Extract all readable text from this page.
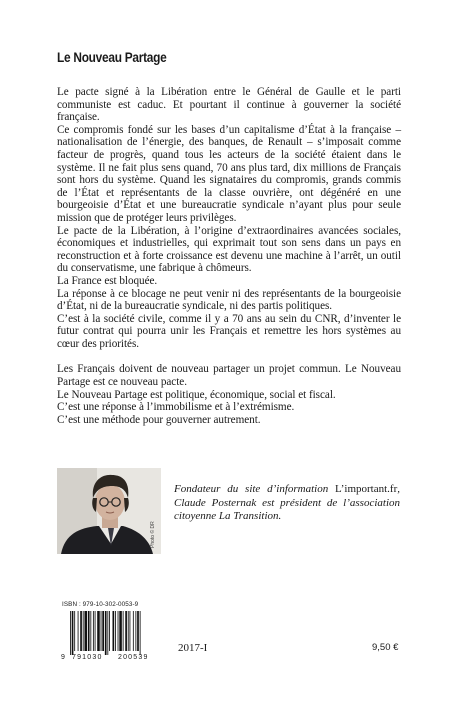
Le Nouveau Partage

Le pacte signé à la Libération entre le Général de Gaulle et le parti communiste est caduc. Et pourtant il continue à gouverner la société française.

Ce compromis fondé sur les bases d’un capitalisme d’État à la française – nationalisation de l’énergie, des banques, de Renault – s’imposait comme facteur de progrès, quand tous les acteurs de la société étaient dans le système. Il ne fait plus sens quand, 70 ans plus tard, dix millions de Français sont hors du système. Quand les signataires du compromis, grands commis de l’État et représentants de la classe ouvrière, ont dégénéré en une bourgeoisie d’État et une bureaucratie syndicale n’ayant plus pour seule mission que de protéger leurs privilèges.

Le pacte de la Libération, à l’origine d’extraordinaires avancées sociales, économiques et industrielles, qui exprimait tout son sens dans un pays en reconstruction et à forte croissance est devenu une machine à l’arrêt, un outil du conservatisme, une fabrique à chômeurs.

La France est bloquée.

La réponse à ce blocage ne peut venir ni des représentants de la bourgeoisie d’État, ni de la bureaucratie syndicale, ni des partis politiques.

C’est à la société civile, comme il y a 70 ans au sein du CNR, d’inventer le futur contrat qui pourra unir les Français et remettre les hors systèmes au cœur des priorités.

Les Français doivent de nouveau partager un projet commun. Le Nouveau Partage est ce nouveau pacte.

Le Nouveau Partage est politique, économique, social et fiscal.

C’est une réponse à l’immobilisme et à l’extrémisme.

C’est une méthode pour gouverner autrement.

Photo © DR
Fondateur du site d’information L’important.fr, Claude Posternak est président de l’association citoyenne La Transition.
ISBN : 979-10-302-0053-9
9 791030 200539
2017-I	9,50 €
